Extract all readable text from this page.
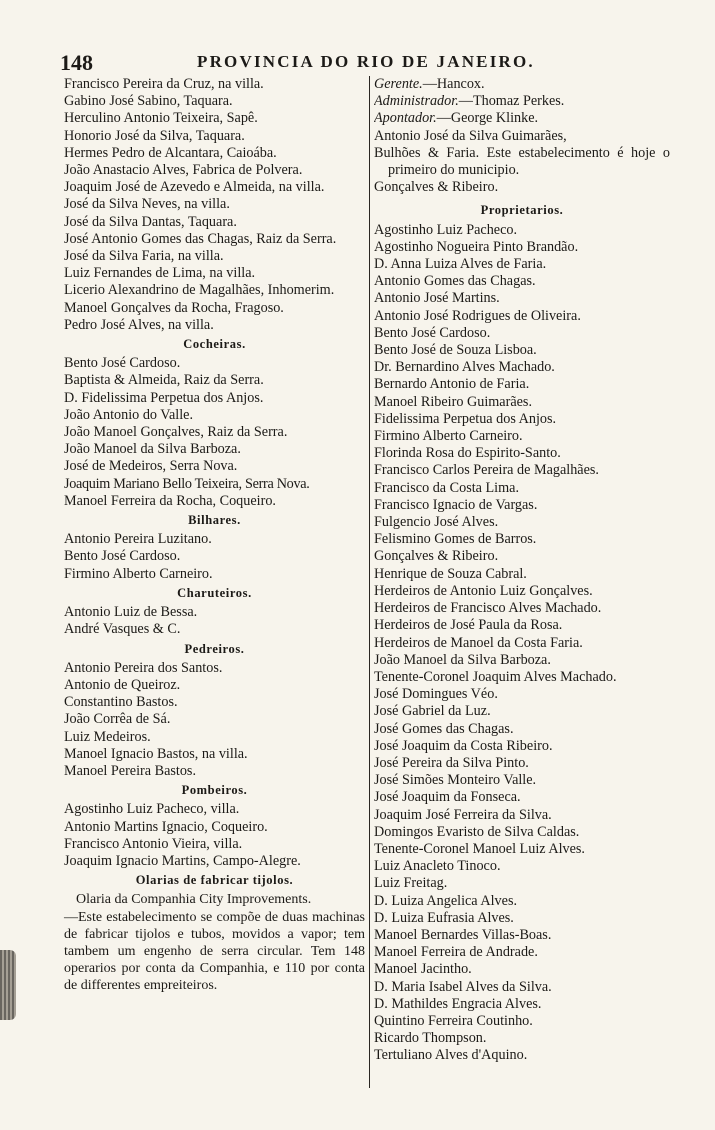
148	PROVINCIA DO RIO DE JANEIRO.
Francisco Pereira da Cruz, na villa.
Gabino José Sabino, Taquara.
Herculino Antonio Teixeira, Sapê.
Honorio José da Silva, Taquara.
Hermes Pedro de Alcantara, Caioába.
João Anastacio Alves, Fabrica de Polvera.
Joaquim José de Azevedo e Almeida, na villa.
José da Silva Neves, na villa.
José da Silva Dantas, Taquara.
José Antonio Gomes das Chagas, Raiz da Serra.
José da Silva Faria, na villa.
Luiz Fernandes de Lima, na villa.
Licerio Alexandrino de Magalhães, Inhomerim.
Manoel Gonçalves da Rocha, Fragoso.
Pedro José Alves, na villa.
Cocheiras.
Bento José Cardoso.
Baptista & Almeida, Raiz da Serra.
D. Fidelissima Perpetua dos Anjos.
João Antonio do Valle.
João Manoel Gonçalves, Raiz da Serra.
João Manoel da Silva Barboza.
José de Medeiros, Serra Nova.
Joaquim Mariano Bello Teixeira, Serra Nova.
Manoel Ferreira da Rocha, Coqueiro.
Bilhares.
Antonio Pereira Luzitano.
Bento José Cardoso.
Firmino Alberto Carneiro.
Charuteiros.
Antonio Luiz de Bessa.
André Vasques & C.
Pedreiros.
Antonio Pereira dos Santos.
Antonio de Queiroz.
Constantino Bastos.
João Corrêa de Sá.
Luiz Medeiros.
Manoel Ignacio Bastos, na villa.
Manoel Pereira Bastos.
Pombeiros.
Agostinho Luiz Pacheco, villa.
Antonio Martins Ignacio, Coqueiro.
Francisco Antonio Vieira, villa.
Joaquim Ignacio Martins, Campo-Alegre.
Olarias de fabricar tijolos.
Olaria da Companhia City Improvements.
—Este estabelecimento se compõe de duas machinas de fabricar tijolos e tubos, movidos a vapor; tem tambem um engenho de serra circular. Tem 148 operarios por conta da Companhia, e 110 por conta de differentes empreiteiros.
Gerente.—Hancox.
Administrador.—Thomaz Perkes.
Apontador.—George Klinke.
Antonio José da Silva Guimarães,
Bulhões & Faria. Este estabelecimento é hoje o primeiro do municipio.
Gonçalves & Ribeiro.
Proprietarios.
Agostinho Luiz Pacheco.
Agostinho Nogueira Pinto Brandão.
D. Anna Luiza Alves de Faria.
Antonio Gomes das Chagas.
Antonio José Martins.
Antonio José Rodrigues de Oliveira.
Bento José Cardoso.
Bento José de Souza Lisboa.
Dr. Bernardino Alves Machado.
Bernardo Antonio de Faria.
Manoel Ribeiro Guimarães.
Fidelissima Perpetua dos Anjos.
Firmino Alberto Carneiro.
Florinda Rosa do Espirito-Santo.
Francisco Carlos Pereira de Magalhães.
Francisco da Costa Lima.
Francisco Ignacio de Vargas.
Fulgencio José Alves.
Felismino Gomes de Barros.
Gonçalves & Ribeiro.
Henrique de Souza Cabral.
Herdeiros de Antonio Luiz Gonçalves.
Herdeiros de Francisco Alves Machado.
Herdeiros de José Paula da Rosa.
Herdeiros de Manoel da Costa Faria.
João Manoel da Silva Barboza.
Tenente-Coronel Joaquim Alves Machado.
José Domingues Véo.
José Gabriel da Luz.
José Gomes das Chagas.
José Joaquim da Costa Ribeiro.
José Pereira da Silva Pinto.
José Simões Monteiro Valle.
José Joaquim da Fonseca.
Joaquim José Ferreira da Silva.
Domingos Evaristo de Silva Caldas.
Tenente-Coronel Manoel Luiz Alves.
Luiz Anacleto Tinoco.
Luiz Freitag.
D. Luiza Angelica Alves.
D. Luiza Eufrasia Alves.
Manoel Bernardes Villas-Boas.
Manoel Ferreira de Andrade.
Manoel Jacintho.
D. Maria Isabel Alves da Silva.
D. Mathildes Engracia Alves.
Quintino Ferreira Coutinho.
Ricardo Thompson.
Tertuliano Alves d'Aquino.
